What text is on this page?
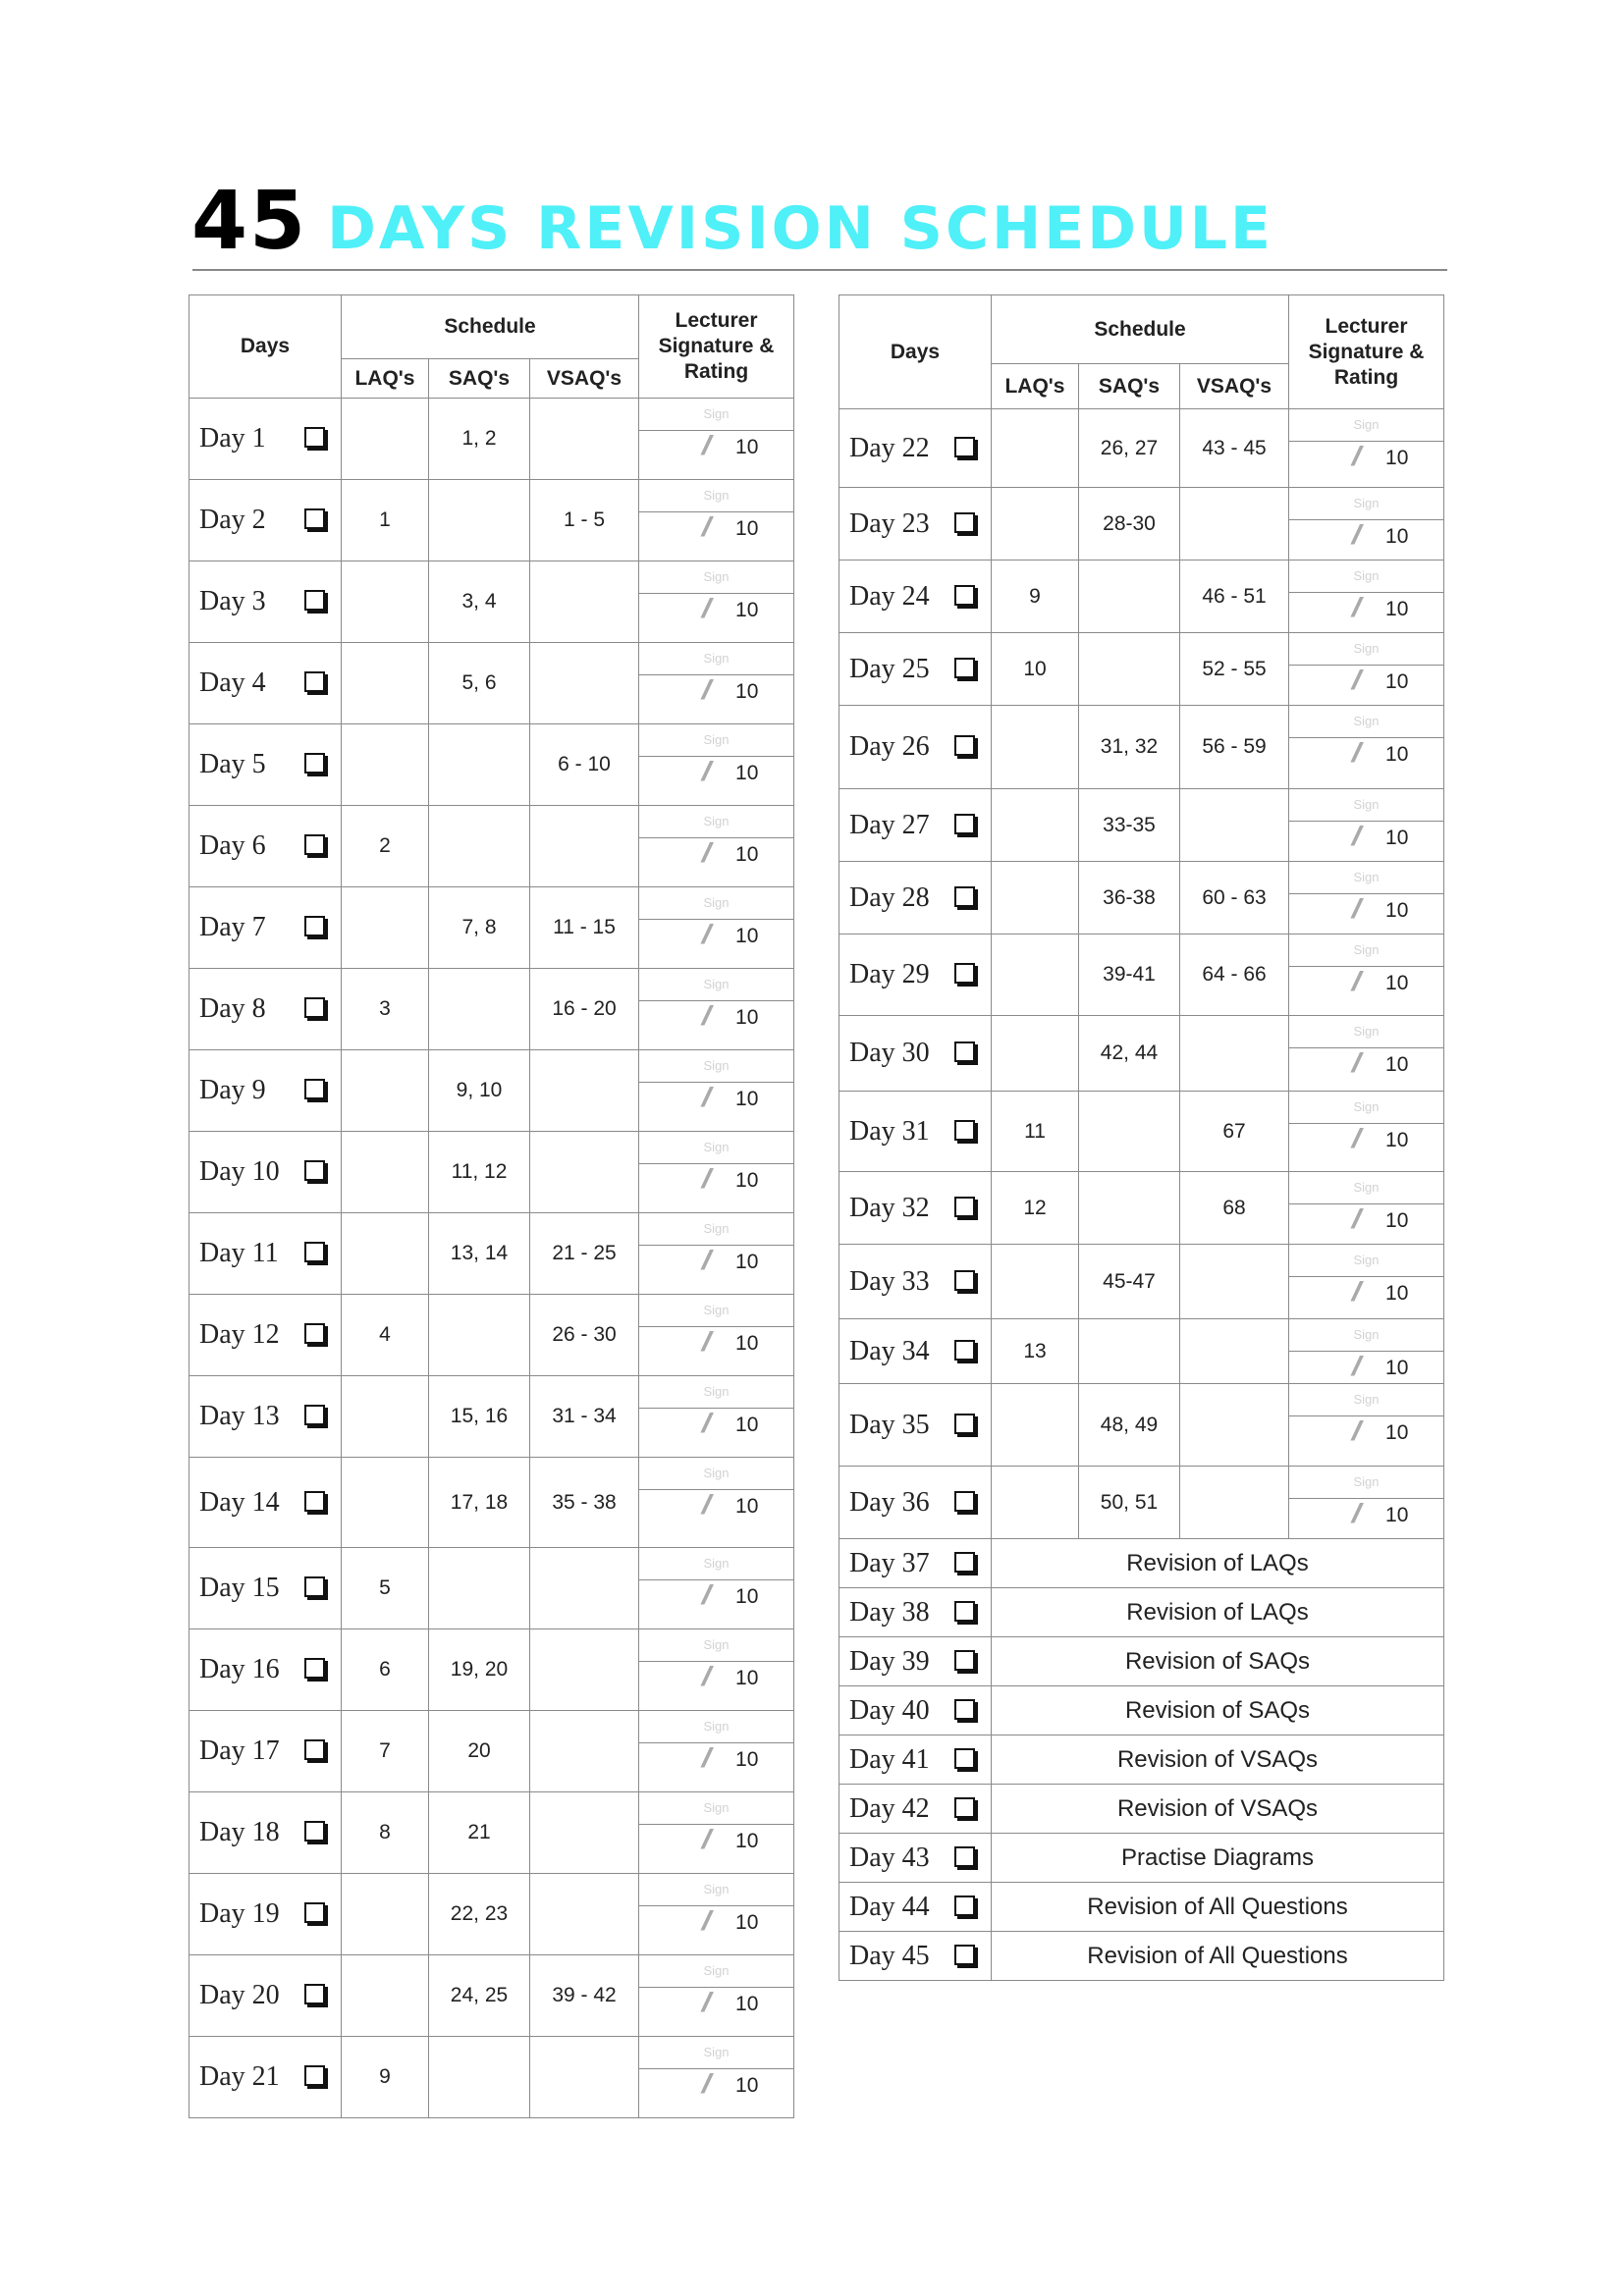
45 DAYS REVISION SCHEDULE
Days	Schedule			Lecturer Signature & Rating
	LAQ's	SAQ's	VSAQ's	

Day 1		1, 2		Sign
// 10

Day 2	1		1 - 5	Sign
// 10

Day 3		3, 4		Sign
// 10

Day 4		5, 6		Sign
// 10

Day 5			6 - 10	Sign
// 10

Day 6	2			Sign
// 10

Day 7		7, 8	11 - 15	Sign
// 10

Day 8	3		16 - 20	Sign
// 10

Day 9		9, 10		Sign
// 10

Day 10		11, 12		Sign
// 10

Day 11		13, 14	21 - 25	Sign
// 10

Day 12	4		26 - 30	Sign
// 10

Day 13		15, 16	31 - 34	Sign
// 10

Day 14		17, 18	35 - 38	Sign
// 10

Day 15	5			Sign
// 10

Day 16	6	19, 20		Sign
// 10

Day 17	7	20		Sign
// 10

Day 18	8	21		Sign
// 10

Day 19		22, 23		Sign
// 10

Day 20		24, 25	39 - 42	Sign
// 10

Day 21	9			Sign
// 10
Days	Schedule			Lecturer Signature & Rating
	LAQ's	SAQ's	VSAQ's	

Day 22		26, 27	43 - 45	Sign
// 10

Day 23		28-30		Sign
// 10

Day 24	9		46 - 51	Sign
// 10

Day 25	10		52 - 55	Sign
// 10

Day 26		31, 32	56 - 59	Sign
// 10

Day 27		33-35		Sign
// 10

Day 28		36-38	60 - 63	Sign
// 10

Day 29		39-41	64 - 66	Sign
// 10

Day 30		42, 44		Sign
// 10

Day 31	11		67	Sign
// 10

Day 32	12		68	Sign
// 10

Day 33		45-47		Sign
// 10

Day 34	13			Sign
// 10

Day 35		48, 49		Sign
// 10

Day 36		50, 51		Sign
// 10

Day 37	Revision of LAQs			

Day 38	Revision of LAQs			

Day 39	Revision of SAQs			

Day 40	Revision of SAQs			

Day 41	Revision of VSAQs			

Day 42	Revision of VSAQs			

Day 43	Practise Diagrams			

Day 44	Revision of All Questions			

Day 45	Revision of All Questions			
